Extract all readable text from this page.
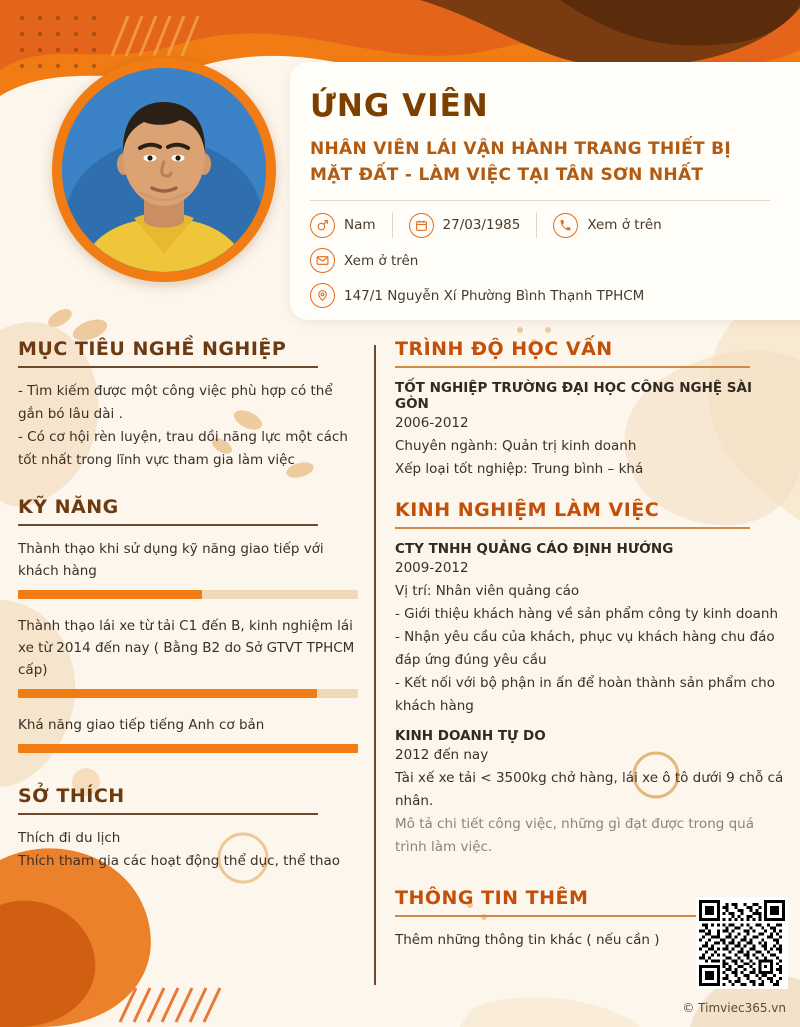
ỨNG VIÊN
NHÂN VIÊN LÁI VẬN HÀNH TRANG THIẾT BỊ
MẶT ĐẤT - LÀM VIỆC TẠI TÂN SƠN NHẤT
Nam	27/03/1985	Xem ở trên
Xem ở trên
147/1 Nguyễn Xí Phường Bình Thạnh TPHCM
MỤC TIÊU NGHỀ NGHIỆP
- Tìm kiếm được một công việc phù hợp có thể gắn bó lâu dài .
- Có cơ hội rèn luyện, trau dồi năng lực một cách tốt nhất trong lĩnh vực tham gia làm việc
KỸ NĂNG
Thành thạo khi sử dụng kỹ năng giao tiếp với khách hàng
Thành thạo lái xe từ tải C1 đến B, kinh nghiệm lái xe từ 2014 đến nay ( Bằng B2 do Sở GTVT TPHCM cấp)
Khá năng giao tiếp tiếng Anh cơ bản
SỞ THÍCH
Thích đi du lịch
Thích tham gia các hoạt động thể dục, thể thao
TRÌNH ĐỘ HỌC VẤN
TỐT NGHIỆP TRƯỜNG ĐẠI HỌC CÔNG NGHỆ SÀI GÒN
2006-2012
Chuyên ngành: Quản trị kinh doanh
Xếp loại tốt nghiệp: Trung bình – khá
KINH NGHIỆM LÀM VIỆC
CTY TNHH QUẢNG CÁO ĐỊNH HƯỚNG
2009-2012
Vị trí: Nhân viên quảng cáo
- Giới thiệu khách hàng về sản phẩm công ty kinh doanh
- Nhận yêu cầu của khách, phục vụ khách hàng chu đáo đáp ứng đúng yêu cầu
- Kết nối với bộ phận in ấn để hoàn thành sản phẩm cho khách hàng
KINH DOANH TỰ DO
2012 đến nay
Tài xế xe tải < 3500kg chở hàng, lái xe ô tô dưới 9 chỗ cá nhân.
Mô tả chi tiết công việc, những gì đạt được trong quá trình làm việc.
THÔNG TIN THÊM
Thêm những thông tin khác ( nếu cần )
© Timviec365.vn
